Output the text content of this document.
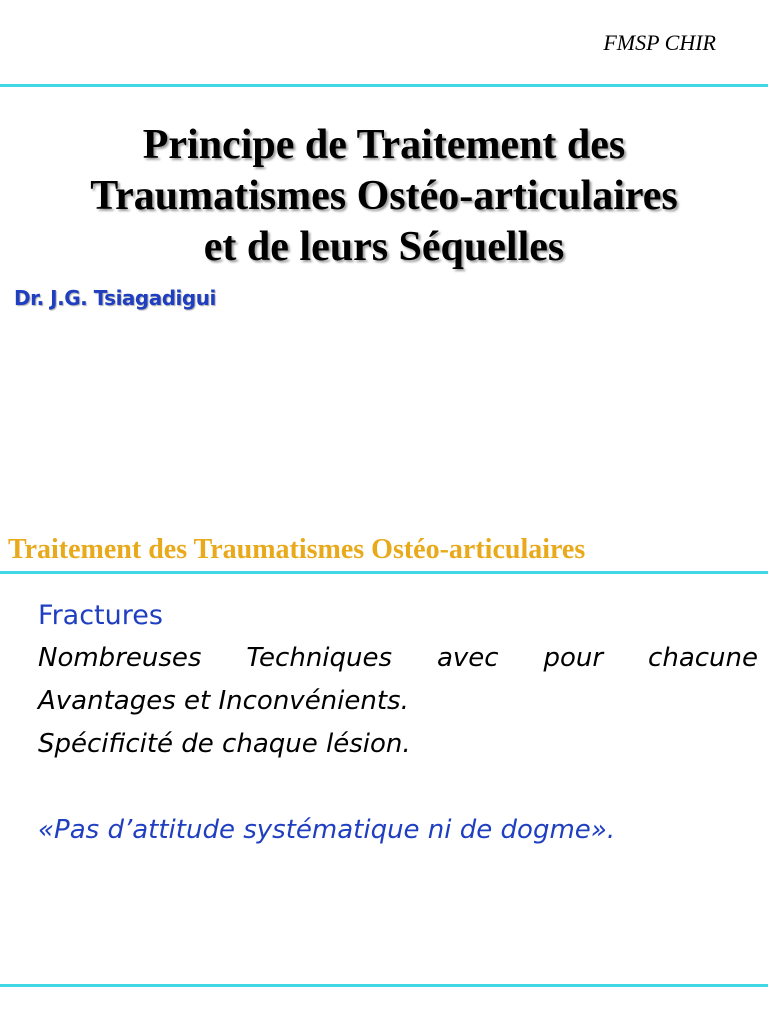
FMSP CHIR
Principe de Traitement des
Traumatismes Ostéo-articulaires
et de leurs Séquelles

Dr. J.G. Tsiagadigui

Traitement des Traumatismes Ostéo-articulaires

Fractures

Nombreuses Techniques avec pour chacune

Avantages et Inconvénients.

Spécificité de chaque lésion.

«Pas d’attitude systématique ni de dogme».
